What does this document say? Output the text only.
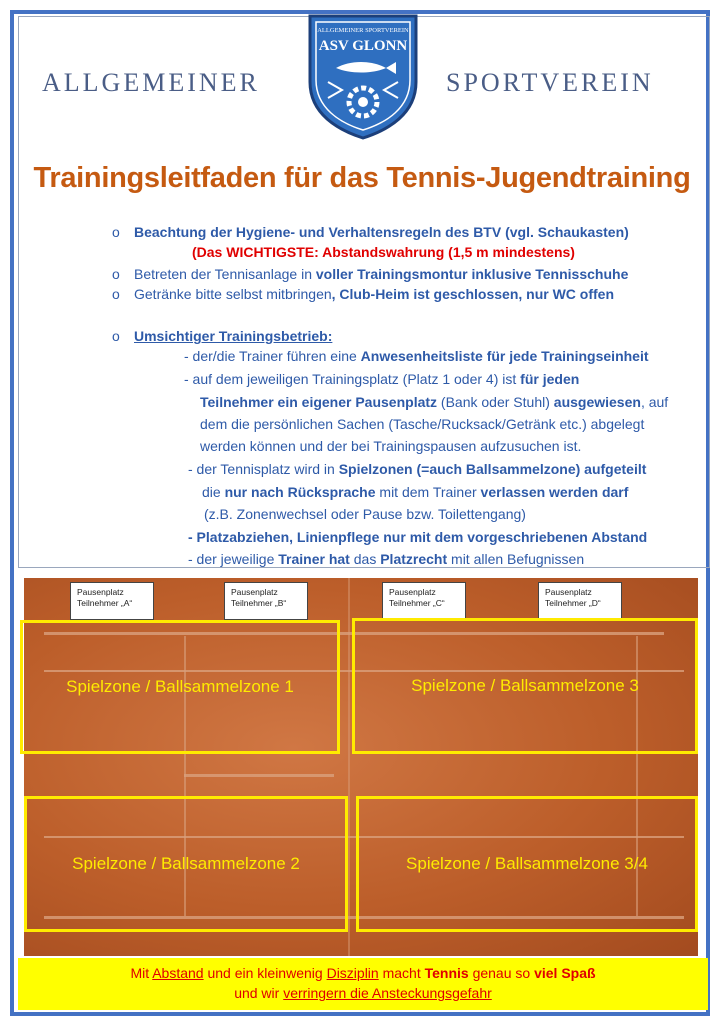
ALLGEMEINER	SPORTVEREIN
ALLGEMEINER SPORTVEREIN
ASV GLONN
Trainingsleitfaden für das Tennis-Jugendtraining
o Beachtung der Hygiene- und Verhaltensregeln des BTV (vgl. Schaukasten)
(Das WICHTIGSTE: Abstandswahrung (1,5 m mindestens)
o Betreten der Tennisanlage in voller Trainingsmontur inklusive Tennisschuhe
o Getränke bitte selbst mitbringen, Club-Heim ist geschlossen, nur WC offen
o Umsichtiger Trainingsbetrieb:
- der/die Trainer führen eine Anwesenheitsliste für jede Trainingseinheit
- auf dem jeweiligen Trainingsplatz (Platz 1 oder 4) ist für jeden
Teilnehmer ein eigener Pausenplatz (Bank oder Stuhl) ausgewiesen, auf
dem die persönlichen Sachen (Tasche/Rucksack/Getränk etc.) abgelegt
werden können und der bei Trainingspausen aufzusuchen ist.
- der Tennisplatz wird in Spielzonen (=auch Ballsammelzone) aufgeteilt
die nur nach Rücksprache mit dem Trainer verlassen werden darf
(z.B. Zonenwechsel oder Pause bzw. Toilettengang)
- Platzabziehen, Linienpflege nur mit dem vorgeschriebenen Abstand
- der jeweilige Trainer hat das Platzrecht mit allen Befugnissen
Pausenplatz
Teilnehmer „A“
Pausenplatz
Teilnehmer „B“
Pausenplatz
Teilnehmer „C“
Pausenplatz
Teilnehmer „D“
Spielzone / Ballsammelzone 1	Spielzone / Ballsammelzone 3
Spielzone / Ballsammelzone 2	Spielzone / Ballsammelzone 3/4
Mit Abstand und ein kleinwenig Disziplin macht Tennis genau so viel Spaß
und wir verringern die Ansteckungsgefahr
